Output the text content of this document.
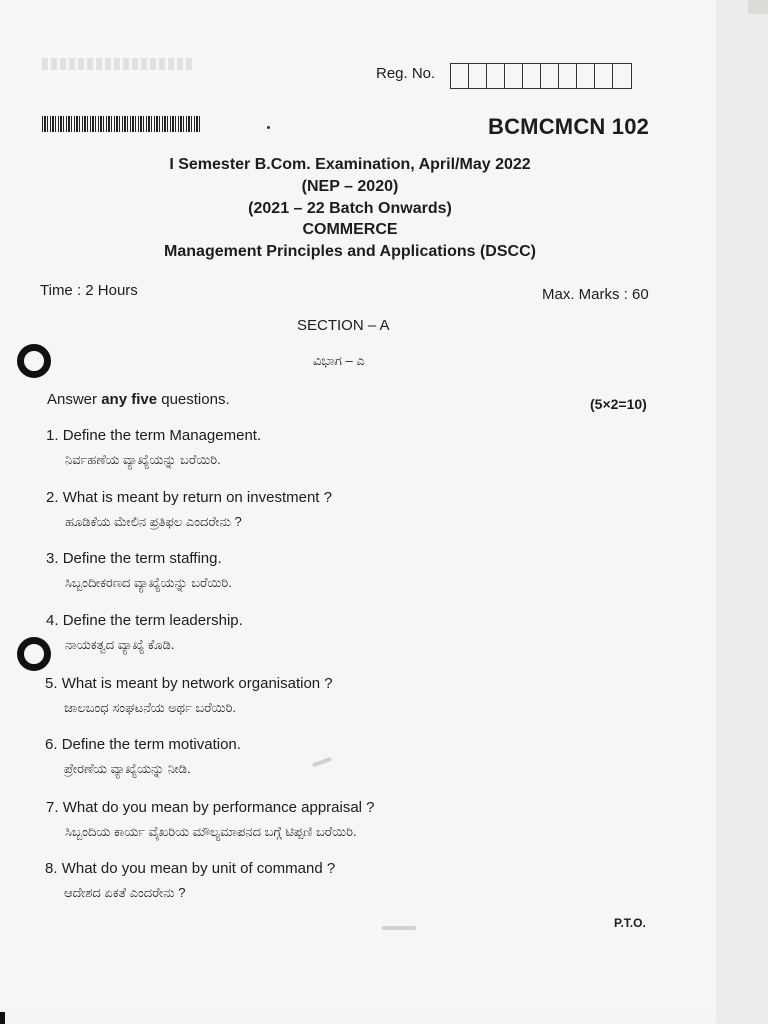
Reg. No.
BCMCMCN 102
I Semester B.Com. Examination, April/May 2022
(NEP – 2020)
(2021 – 22 Batch Onwards)
COMMERCE
Management Principles and Applications (DSCC)
Time : 2 Hours	Max. Marks : 60
SECTION – A
ವಿಭಾಗ – ಎ
Answer any five questions.	(5×2=10)
1. Define the term Management.
ನಿರ್ವಹಣೆಯ ವ್ಯಾಖ್ಯೆಯನ್ನು ಬರೆಯಿರಿ.
2. What is meant by return on investment ?
ಹೂಡಿಕೆಯ ಮೇಲಿನ ಪ್ರತಿಫಲ ಎಂದರೇನು ?
3. Define the term staffing.
ಸಿಬ್ಬಂದೀಕರಣದ ವ್ಯಾಖ್ಯೆಯನ್ನು ಬರೆಯಿರಿ.
4. Define the term leadership.
ನಾಯಕತ್ವದ ವ್ಯಾಖ್ಯೆ ಕೊಡಿ.
5. What is meant by network organisation ?
ಜಾಲಬಂಧ ಸಂಘಟನೆಯ ಅರ್ಥ ಬರೆಯಿರಿ.
6. Define the term motivation.
ಪ್ರೇರಣೆಯ ವ್ಯಾಖ್ಯೆಯನ್ನು ನೀಡಿ.
7. What do you mean by performance appraisal ?
ಸಿಬ್ಬಂದಿಯ ಕಾರ್ಯ ವೈಖರಿಯ ಮೌಲ್ಯಮಾಪನದ ಬಗ್ಗೆ ಟಿಪ್ಪಣಿ ಬರೆಯಿರಿ.
8. What do you mean by unit of command ?
ಆದೇಶದ ಏಕತೆ ಎಂದರೇನು ?
P.T.O.
